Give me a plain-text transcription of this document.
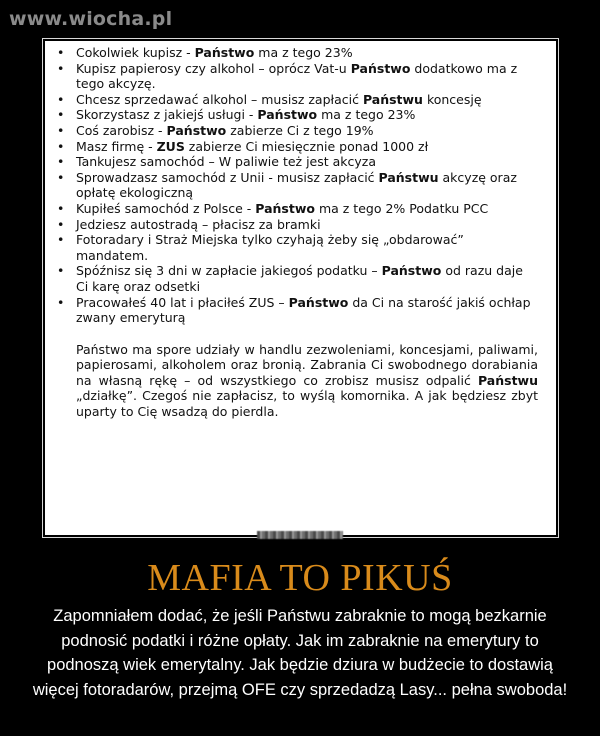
www.wiocha.pl
• Cokolwiek kupisz - Państwo ma z tego 23%
• Kupisz papierosy czy alkohol – oprócz Vat-u Państwo dodatkowo ma z tego akcyzę.
• Chcesz sprzedawać alkohol – musisz zapłacić Państwu koncesję
• Skorzystasz z jakiejś usługi - Państwo ma z tego 23%
• Coś zarobisz - Państwo zabierze Ci z tego 19%
• Masz firmę - ZUS zabierze Ci miesięcznie ponad 1000 zł
• Tankujesz samochód – W paliwie też jest akcyza
• Sprowadzasz samochód z Unii - musisz zapłacić Państwu akcyzę oraz opłatę ekologiczną
• Kupiłeś samochód z Polsce - Państwo ma z tego 2% Podatku PCC
• Jedziesz autostradą – płacisz za bramki
• Fotoradary i Straż Miejska tylko czyhają żeby się „obdarować” mandatem.
• Spóźnisz się 3 dni w zapłacie jakiegoś podatku – Państwo od razu daje Ci karę oraz odsetki
• Pracowałeś 40 lat i płaciłeś ZUS – Państwo da Ci na starość jakiś ochłap zwany emeryturą

Państwo ma spore udziały w handlu zezwoleniami, koncesjami, paliwami, papierosami, alkoholem oraz bronią. Zabrania Ci swobodnego dorabiania na własną rękę – od wszystkiego co zrobisz musisz odpalić Państwu „działkę”. Czegoś nie zapłacisz, to wyślą komornika. A jak będziesz zbyt uparty to Cię wsadzą do pierdla.

MAFIA TO PIKUŚ
Zapomniałem dodać, że jeśli Państwu zabraknie to mogą bezkarnie podnosić podatki i różne opłaty. Jak im zabraknie na emerytury to podnoszą wiek emerytalny. Jak będzie dziura w budżecie to dostawią więcej fotoradarów, przejmą OFE czy sprzedadzą Lasy... pełna swoboda!
